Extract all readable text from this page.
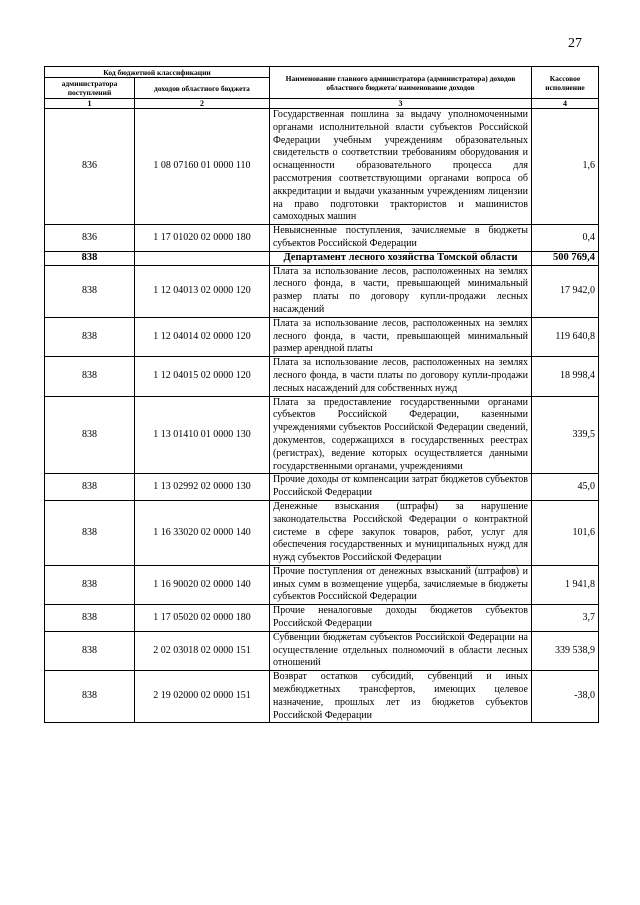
27
Код бюджетной классификации		Наименование главного администратора (администратора) доходов областного бюджета/ наименование доходов	Кассовое исполнение
администратора поступлений	доходов областного бюджета		
1	2	3	4
836	1 08 07160 01 0000 110	Государственная пошлина за выдачу уполномоченными органами исполнительной власти субъектов Российской Федерации учебным учреждениям образовательных свидетельств о соответствии требованиям оборудования и оснащенности образовательного процесса для рассмотрения соответствующими органами вопроса об аккредитации и выдачи указанным учреждениям лицензии на право подготовки трактористов и машинистов самоходных машин	1,6
836	1 17 01020 02 0000 180	Невыясненные поступления, зачисляемые в бюджеты субъектов Российской Федерации	0,4
838		Департамент лесного хозяйства Томской области	500 769,4
838	1 12 04013 02 0000 120	Плата за использование лесов, расположенных на землях лесного фонда, в части, превышающей минимальный размер платы по договору купли-продажи лесных насаждений	17 942,0
838	1 12 04014 02 0000 120	Плата за использование лесов, расположенных на землях лесного фонда, в части, превышающей минимальный размер арендной платы	119 640,8
838	1 12 04015 02 0000 120	Плата за использование лесов, расположенных на землях лесного фонда, в части платы по договору купли-продажи лесных насаждений для собственных нужд	18 998,4
838	1 13 01410 01 0000 130	Плата за предоставление государственными органами субъектов Российской Федерации, казенными учреждениями субъектов Российской Федерации сведений, документов, содержащихся в государственных реестрах (регистрах), ведение которых осуществляется данными государственными органами, учреждениями	339,5
838	1 13 02992 02 0000 130	Прочие доходы от компенсации затрат бюджетов субъектов Российской Федерации	45,0
838	1 16 33020 02 0000 140	Денежные взыскания (штрафы) за нарушение законодательства Российской Федерации о контрактной системе в сфере закупок товаров, работ, услуг для обеспечения государственных и муниципальных нужд для нужд субъектов Российской Федерации	101,6
838	1 16 90020 02 0000 140	Прочие поступления от денежных взысканий (штрафов) и иных сумм в возмещение ущерба, зачисляемые в бюджеты субъектов Российской Федерации	1 941,8
838	1 17 05020 02 0000 180	Прочие неналоговые доходы бюджетов субъектов Российской Федерации	3,7
838	2 02 03018 02 0000 151	Субвенции бюджетам субъектов Российской Федерации на осуществление отдельных полномочий в области лесных отношений	339 538,9
838	2 19 02000 02 0000 151	Возврат остатков субсидий, субвенций и иных межбюджетных трансфертов, имеющих целевое назначение, прошлых лет из бюджетов субъектов Российской Федерации	-38,0
